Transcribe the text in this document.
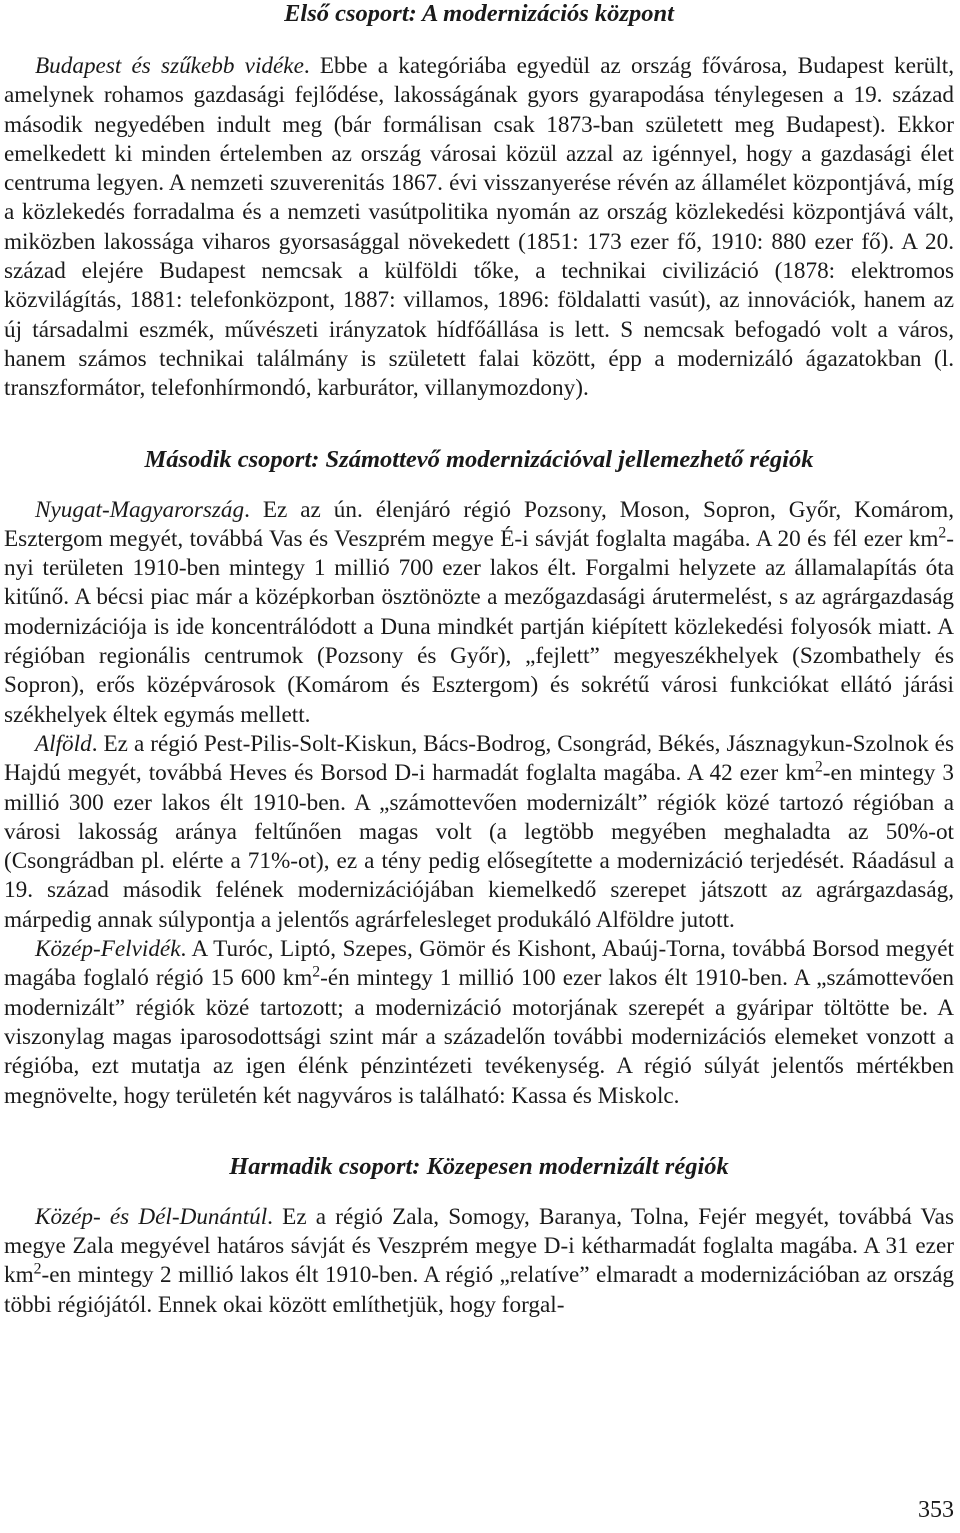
Első csoport: A modernizációs központ

Budapest és szűkebb vidéke. Ebbe a kategóriába egyedül az ország fővárosa, Budapest került, amelynek rohamos gazdasági fejlődése, lakosságának gyors gyarapodása ténylegesen a 19. század második negyedében indult meg (bár formálisan csak 1873-ban született meg Budapest). Ekkor emelkedett ki minden értelemben az ország városai közül azzal az igénnyel, hogy a gazdasági élet centruma legyen. A nemzeti szuverenitás 1867. évi visszanyerése révén az államélet központjává, míg a közlekedés forradalma és a nemzeti vasútpolitika nyomán az ország közlekedési központjává vált, miközben lakossága viharos gyorsasággal növekedett (1851: 173 ezer fő, 1910: 880 ezer fő). A 20. század elejére Budapest nemcsak a külföldi tőke, a technikai civilizáció (1878: elektromos közvilágítás, 1881: telefonközpont, 1887: villamos, 1896: földalatti vasút), az innovációk, hanem az új társadalmi eszmék, művészeti irányzatok hídfőállása is lett. S nemcsak befogadó volt a város, hanem számos technikai találmány is született falai között, épp a modernizáló ágazatokban (l. transzformátor, telefonhírmondó, karburátor, villanymozdony).

Második csoport: Számottevő modernizációval jellemezhető régiók

Nyugat-Magyarország. Ez az ún. élenjáró régió Pozsony, Moson, Sopron, Győr, Komárom, Esztergom megyét, továbbá Vas és Veszprém megye É-i sávját foglalta magába. A 20 és fél ezer $km^2$-nyi területen 1910-ben mintegy 1 millió 700 ezer lakos élt. Forgalmi helyzete az államalapítás óta kitűnő. A bécsi piac már a középkorban ösztönözte a mezőgazdasági árutermelést, s az agrárgazdaság modernizációja is ide koncentrálódott a Duna mindkét partján kiépített közlekedési folyosók miatt. A régióban regionális centrumok (Pozsony és Győr), „fejlett” megyeszékhelyek (Szombathely és Sopron), erős középvárosok (Komárom és Esztergom) és sokrétű városi funkciókat ellátó járási székhelyek éltek egymás mellett.

Alföld. Ez a régió Pest-Pilis-Solt-Kiskun, Bács-Bodrog, Csongrád, Békés, Jásznagykun-Szolnok és Hajdú megyét, továbbá Heves és Borsod D-i harmadát foglalta magába. A 42 ezer $km^2-en$ mintegy 3 millió 300 ezer lakos élt 1910-ben. A „számottevően modernizált” régiók közé tartozó régióban a városi lakosság aránya feltűnően magas volt (a legtöbb megyében meghaladta az 50%-ot (Csongrádban pl. elérte a 71%-ot), ez a tény pedig elősegítette a modernizáció terjedését. Ráadásul a 19. század második felének modernizációjában kiemelkedő szerepet játszott az agrárgazdaság, márpedig annak súlypontja a jelentős agrárfelesleget produkáló Alföldre jutott.

Közép-Felvidék. A Turóc, Liptó, Szepes, Gömör és Kishont, Abaúj-Torna, továbbá Borsod megyét magába foglaló régió 15 600 $km^2-én$ mintegy 1 millió 100 ezer lakos élt 1910-ben. A „számottevően modernizált” régiók közé tartozott; a modernizáció motorjának szerepét a gyáripar töltötte be. A viszonylag magas iparosodottsági szint már a századelőn további modernizációs elemeket vonzott a régióba, ezt mutatja az igen élénk pénzintézeti tevékenység. A régió súlyát jelentős mértékben megnövelte, hogy területén két nagyváros is található: Kassa és Miskolc.

Harmadik csoport: Közepesen modernizált régiók

Közép- és Dél-Dunántúl. Ez a régió Zala, Somogy, Baranya, Tolna, Fejér megyét, továbbá Vas megye Zala megyével határos sávját és Veszprém megye D-i kétharmadát foglalta magába. A 31 ezer $km^2-en$ mintegy 2 millió lakos élt 1910-ben. A régió „relatíve” elmaradt a modernizációban az ország többi régiójától. Ennek okai között említhetjük, hogy forgal-

353
